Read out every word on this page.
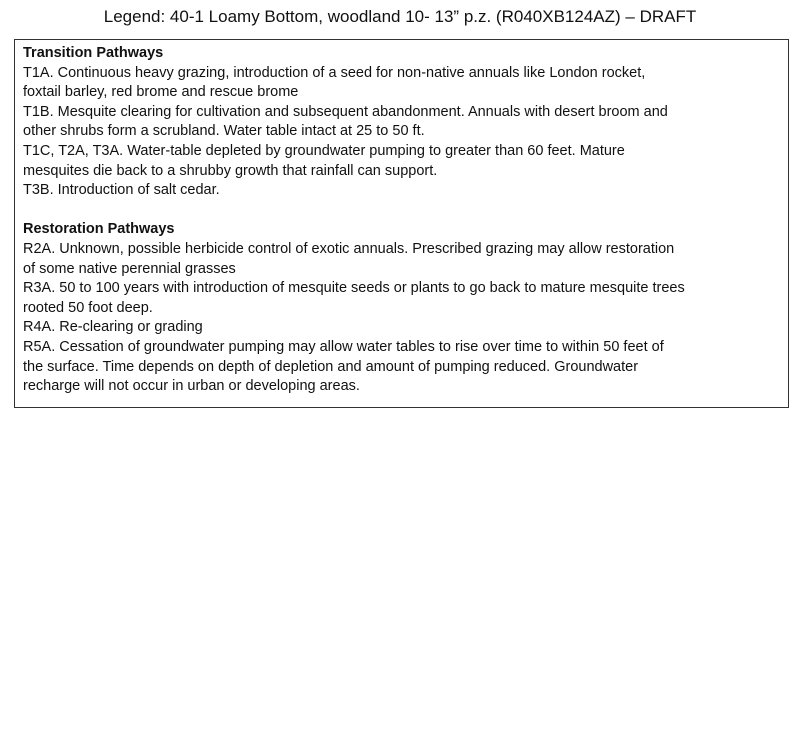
Legend: 40-1 Loamy Bottom, woodland 10- 13” p.z. (R040XB124AZ) – DRAFT

Transition Pathways

T1A. Continuous heavy grazing, introduction of a seed for non-native annuals like London rocket,

foxtail barley, red brome and rescue brome

T1B. Mesquite clearing for cultivation and subsequent abandonment. Annuals with desert broom and

other shrubs form a scrubland. Water table intact at 25 to 50 ft.

T1C, T2A, T3A. Water-table depleted by groundwater pumping to greater than 60 feet. Mature

mesquites die back to a shrubby growth that rainfall can support.

T3B. Introduction of salt cedar.

Restoration Pathways

R2A. Unknown, possible herbicide control of exotic annuals. Prescribed grazing may allow restoration

of some native perennial grasses

R3A. 50 to 100 years with introduction of mesquite seeds or plants to go back to mature mesquite trees

rooted 50 foot deep.

R4A. Re-clearing or grading

R5A. Cessation of groundwater pumping may allow water tables to rise over time to within 50 feet of

the surface. Time depends on depth of depletion and amount of pumping reduced. Groundwater

recharge will not occur in urban or developing areas.
